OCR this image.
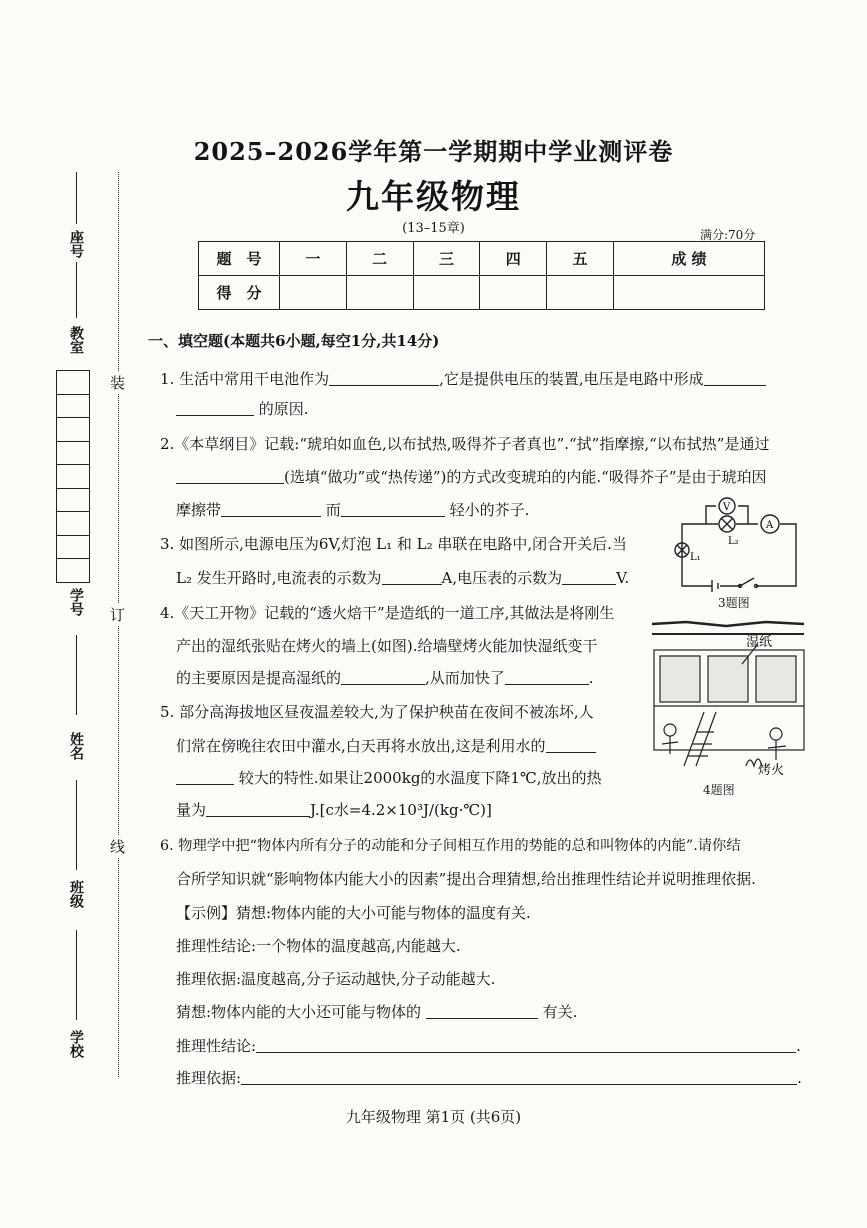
2025–2026学年第一学期期中学业测评卷
九年级物理
(13–15章)	满分:70分
题　号	一	二	三	四	五	成 绩
得　分						
座号
教室
学号
姓名
班级
学校
装
订
线
一、填空题(本题共6小题,每空1分,共14分)
1. 生活中常用干电池作为	,它是提供电压的装置,电压是电路中形成
的原因.
2.《本草纲目》记载:“琥珀如血色,以布拭热,吸得芥子者真也”.“拭”指摩擦,“以布拭热”是通过
(选填“做功”或“热传递”)的方式改变琥珀的内能.“吸得芥子”是由于琥珀因
摩擦带	而	轻小的芥子.
3. 如图所示,电源电压为6V,灯泡 L₁ 和 L₂ 串联在电路中,闭合开关后.当
L₂ 发生开路时,电流表的示数为	A,电压表的示数为	V.
V
A
L₁
L₂
3题图
4.《天工开物》记载的“透火焙干”是造纸的一道工序,其做法是将刚生
产出的湿纸张贴在烤火的墙上(如图).给墙壁烤火能加快湿纸变干
的主要原因是提高湿纸的	,从而加快了	.
湿纸
烤火
4题图
5. 部分高海拔地区昼夜温差较大,为了保护秧苗在夜间不被冻坏,人
们常在傍晚往农田中灌水,白天再将水放出,这是利用水的
较大的特性.如果让2000kg的水温度下降1℃,放出的热
量为	J.[c水=4.2×10³J/(kg·℃)]
6. 物理学中把“物体内所有分子的动能和分子间相互作用的势能的总和叫物体的内能”.请你结
合所学知识就“影响物体内能大小的因素”提出合理猜想,给出推理性结论并说明推理依据.
【示例】猜想:物体内能的大小可能与物体的温度有关.
推理性结论:一个物体的温度越高,内能越大.
推理依据:温度越高,分子运动越快,分子动能越大.
猜想:物体内能的大小还可能与物体的	有关.
推理性结论:	.
推理依据:	.
九年级物理 第1页 (共6页)
